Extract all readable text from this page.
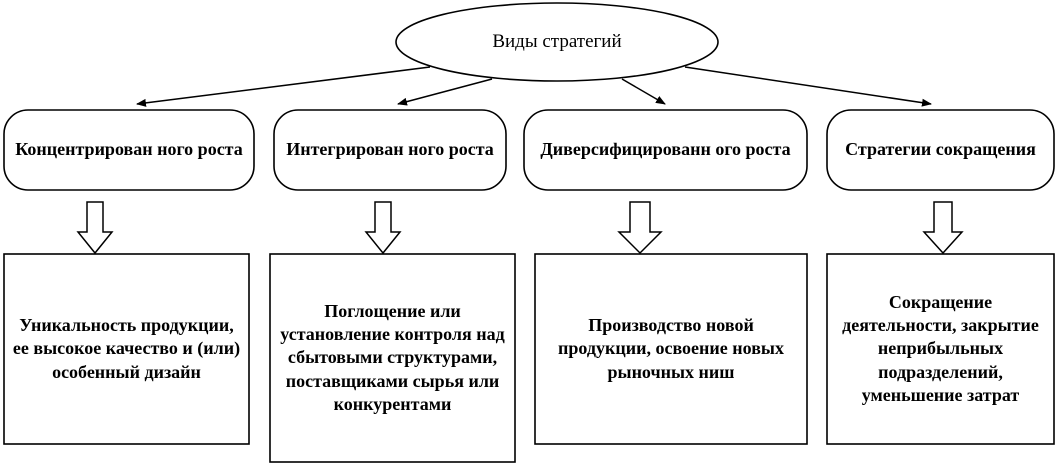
Виды стратегий
Концентрирован ного роста	Интегрирован ного роста	Диверсифицированн ого роста	Стратегии сокращения
Уникальность продукции, ее высокое качество и (или) особенный дизайн
Поглощение или установление контроля над сбытовыми структурами, поставщиками сырья или конкурентами
Производство новой продукции, освоение новых рыночных ниш
Сокращение деятельности, закрытие неприбыльных подразделений, уменьшение затрат
